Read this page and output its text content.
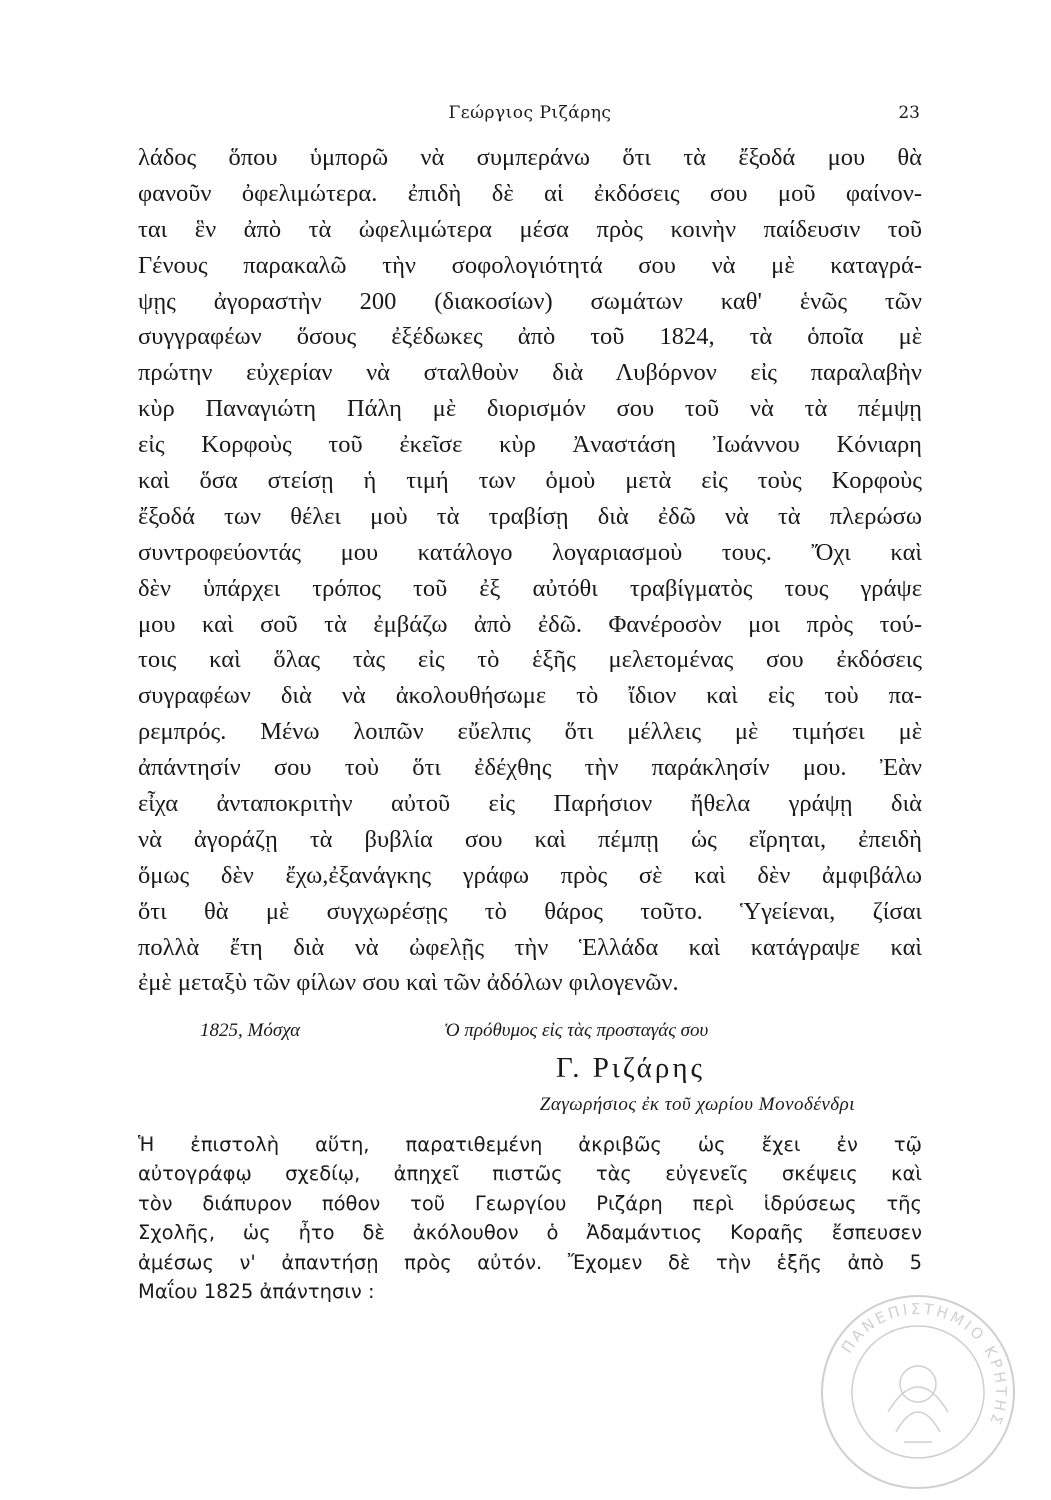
Γεώργιος Ριζάρης	23
λάδος ὅπου ὑμπορῶ νὰ συμπεράνω ὅτι τὰ ἔξοδά μου θὰ
φανοῦν ὀφελιμώτερα. ἐπιδὴ δὲ αἱ ἐκδόσεις σου μοῦ φαίνον-
ται ἓν ἀπὸ τὰ ὠφελιμώτερα μέσα πρὸς κοινὴν παίδευσιν τοῦ
Γένους παρακαλῶ τὴν σοφολογιότητά σου νὰ μὲ καταγρά-
ψῃς ἀγοραστὴν 200 (διακοσίων) σωμάτων καθ' ἑνῶς τῶν
συγγραφέων ὅσους ἐξέδωκες ἀπὸ τοῦ 1824, τὰ ὁποῖα μὲ
πρώτην εὐχερίαν νὰ σταλθοὺν διὰ Λυβόρνον εἰς παραλαβὴν
κὺρ Παναγιώτη Πάλη μὲ διορισμόν σου τοῦ νὰ τὰ πέμψῃ
εἰς Κορφοὺς τοῦ ἐκεῖσε κὺρ Ἀναστάση Ἰωάννου Κόνιαρη
καὶ ὅσα στείσῃ ἡ τιμή των ὁμοὺ μετὰ εἰς τοὺς Κορφοὺς
ἔξοδά των θέλει μοὺ τὰ τραβίσῃ διὰ ἐδῶ νὰ τὰ πλερώσω
συντροφεύοντάς μου κατάλογο λογαριασμοὺ τους. Ὄχι καὶ
δὲν ὑπάρχει τρόπος τοῦ ἐξ αὐτόθι τραβίγματὸς τους γράψε
μου καὶ σοῦ τὰ ἐμβάζω ἀπὸ ἐδῶ. Φανέροσὸν μοι πρὸς τού-
τοις καὶ ὅλας τὰς εἰς τὸ ἑξῆς μελετομένας σου ἐκδόσεις
συγραφέων διὰ νὰ ἀκολουθήσωμε τὸ ἴδιον καὶ εἰς τοὺ πα-
ρεμπρός. Μένω λοιπῶν εὔελπις ὅτι μέλλεις μὲ τιμήσει μὲ
ἀπάντησίν σου τοὺ ὅτι ἐδέχθης τὴν παράκλησίν μου. Ἐὰν
εἶχα ἀνταποκριτὴν αὐτοῦ εἰς Παρήσιον ἤθελα γράψῃ διὰ
νὰ ἀγοράζῃ τὰ βυβλία σου καὶ πέμπῃ ὡς εἴρηται, ἐπειδὴ
ὅμως δὲν ἔχω,ἐξανάγκης γράφω πρὸς σὲ καὶ δὲν ἀμφιβάλω
ὅτι θὰ μὲ συγχωρέσῃς τὸ θάρος τοῦτο. Ὑγείεναι, ζίσαι
πολλὰ ἔτη διὰ νὰ ὠφελῇς τὴν Ἑλλάδα καὶ κατάγραψε καὶ
ἐμὲ μεταξὺ τῶν φίλων σου καὶ τῶν ἀδόλων φιλογενῶν.
1825, Μόσχα	Ὁ πρόθυμος εἰς τὰς προσταγάς σου
Γ. Ριζάρης
Ζαγωρήσιος ἐκ τοῦ χωρίου Μονοδένδρι
Ἡ ἐπιστολὴ αὕτη, παρατιθεμένη ἀκριβῶς ὡς ἔχει ἐν τῷ
αὐτογράφῳ σχεδίῳ, ἀπηχεῖ πιστῶς τὰς εὐγενεῖς σκέψεις καὶ
τὸν διάπυρον πόθον τοῦ Γεωργίου Ριζάρη περὶ ἱδρύσεως τῆς
Σχολῆς, ὡς ἦτο δὲ ἀκόλουθον ὁ Ἀδαμάντιος Κοραῆς ἔσπευσεν
ἀμέσως ν' ἀπαντήσῃ πρὸς αὐτόν. Ἔχομεν δὲ τὴν ἑξῆς ἀπὸ 5
Μαΐου 1825 ἀπάντησιν :
ΠΑΝΕΠΙΣΤΗΜΙΟ ΚΡΗΤΗΣ
